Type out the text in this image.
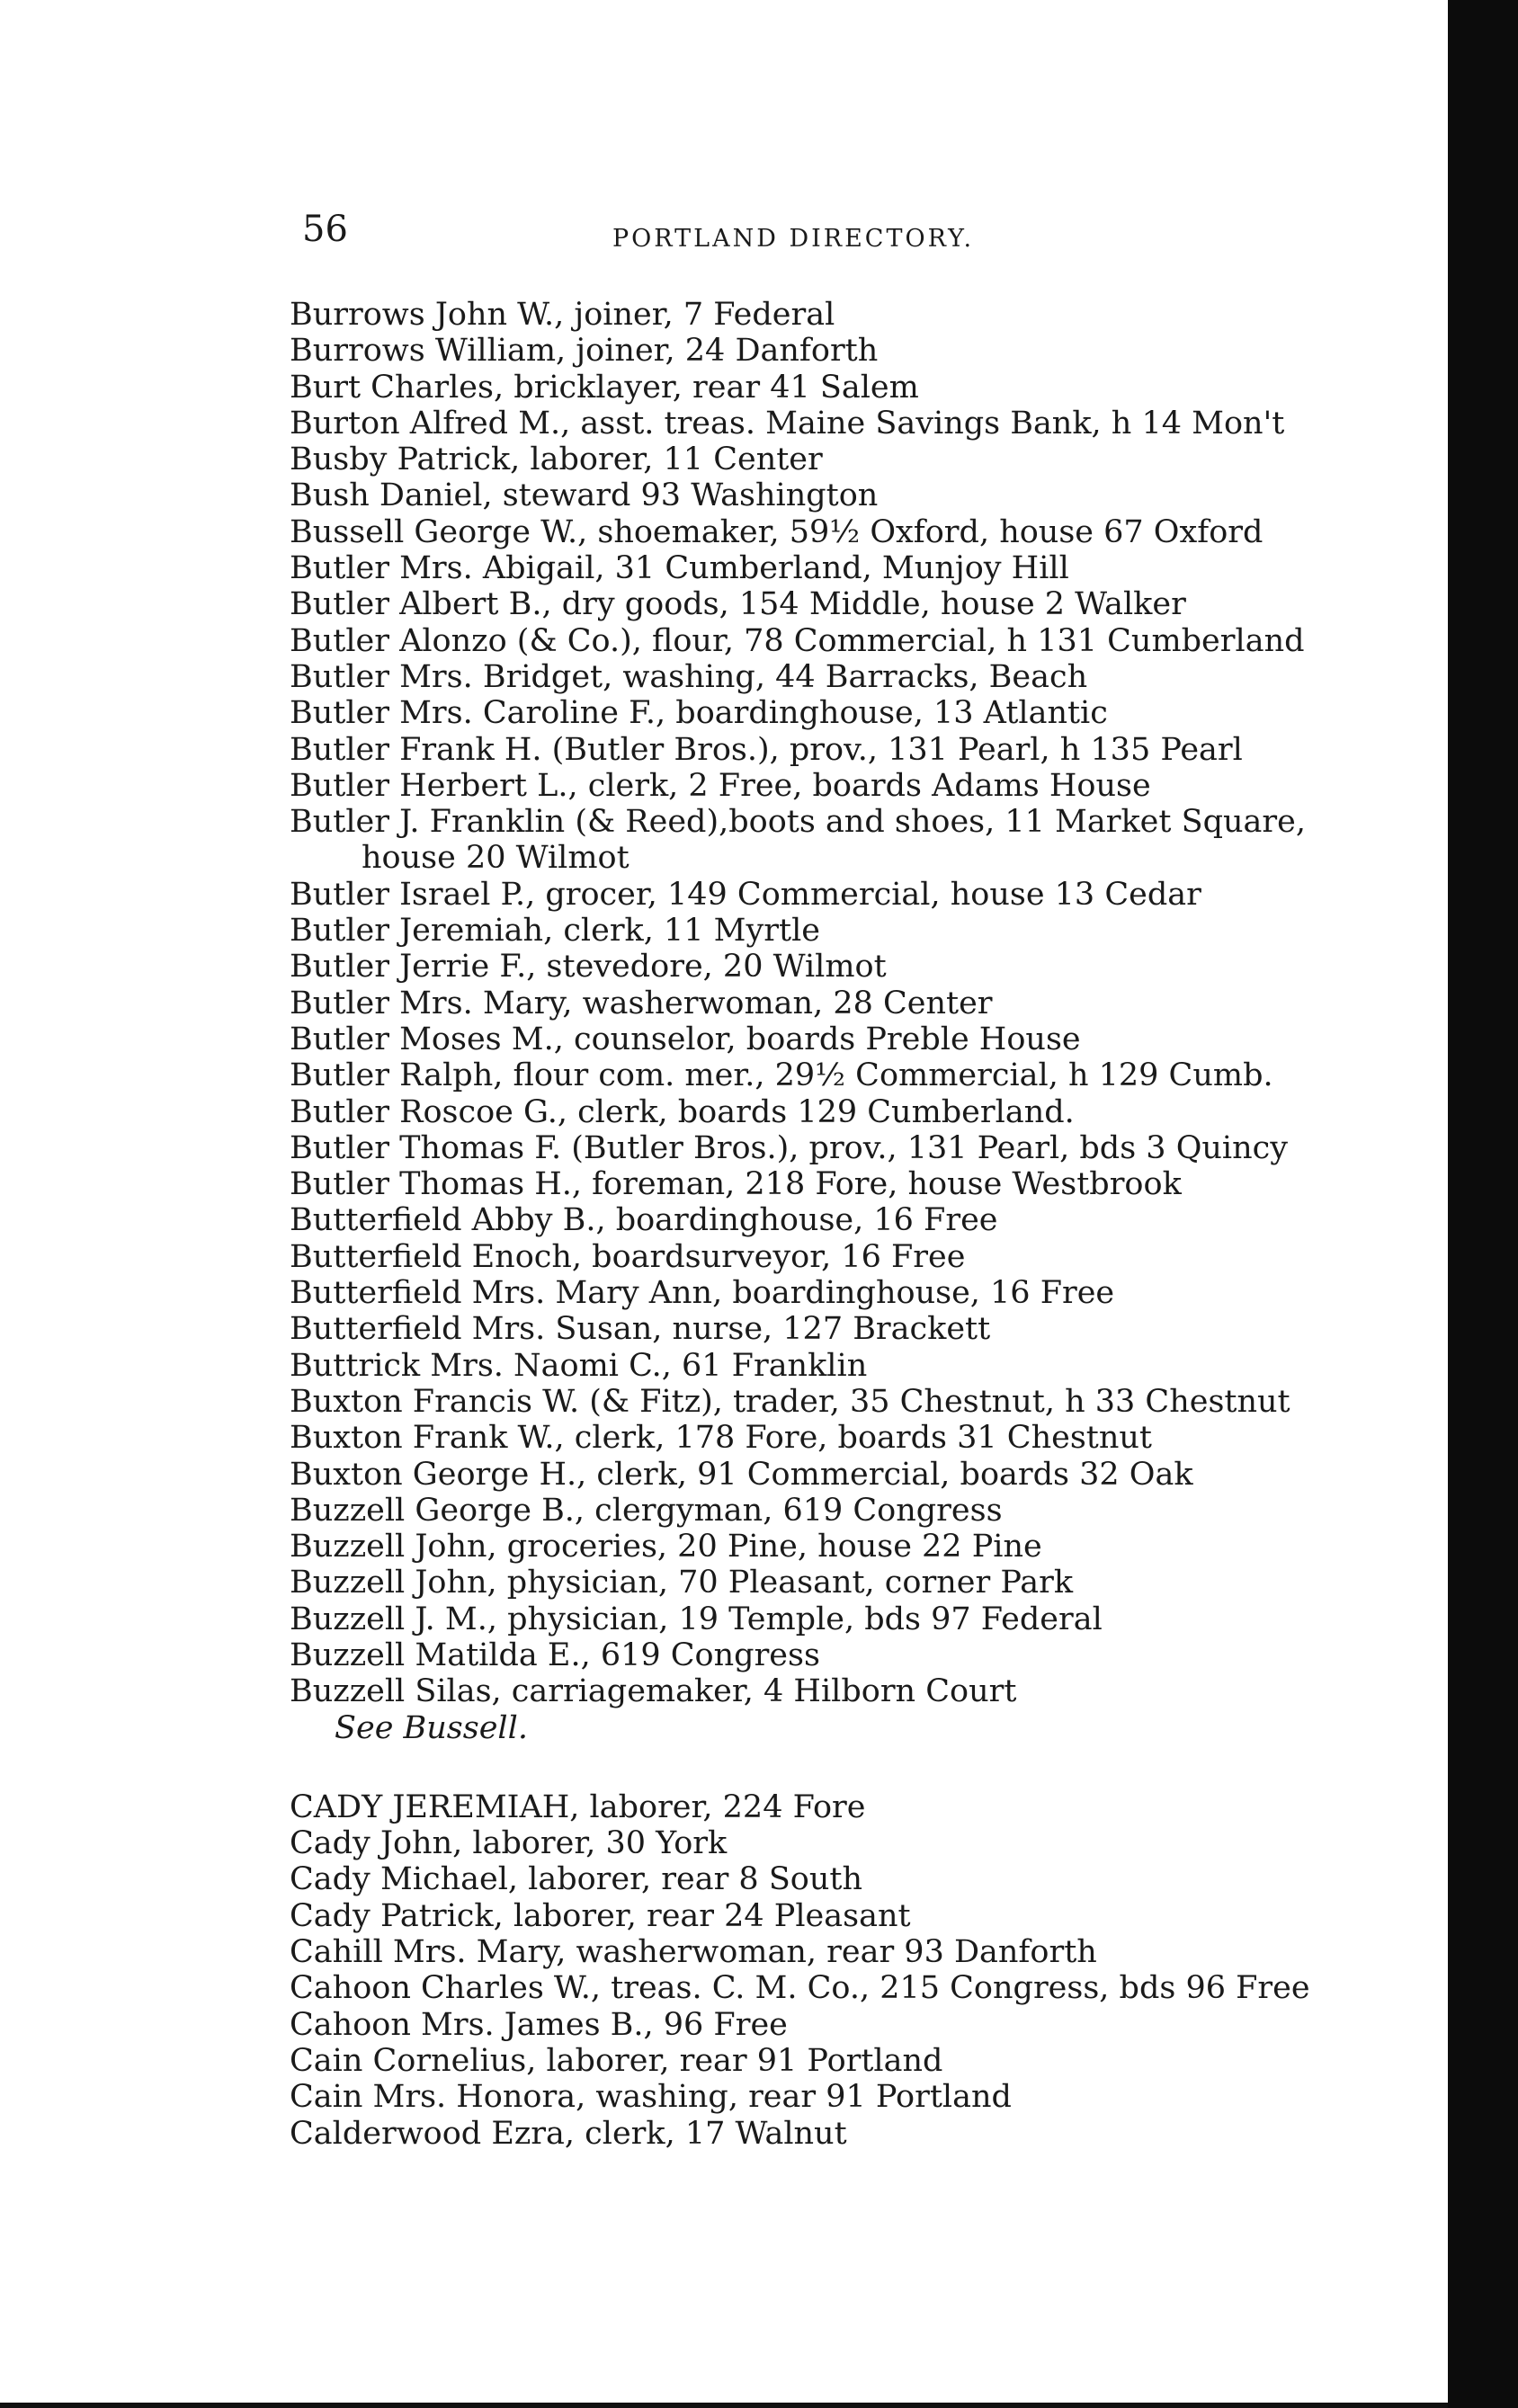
56	PORTLAND DIRECTORY.
Burrows John W., joiner, 7 Federal
Burrows William, joiner, 24 Danforth
Burt Charles, bricklayer, rear 41 Salem
Burton Alfred M., asst. treas. Maine Savings Bank, h 14 Mon't
Busby Patrick, laborer, 11 Center
Bush Daniel, steward 93 Washington
Bussell George W., shoemaker, 59½ Oxford, house 67 Oxford
Butler Mrs. Abigail, 31 Cumberland, Munjoy Hill
Butler Albert B., dry goods, 154 Middle, house 2 Walker
Butler Alonzo (& Co.), flour, 78 Commercial, h 131 Cumberland
Butler Mrs. Bridget, washing, 44 Barracks, Beach
Butler Mrs. Caroline F., boardinghouse, 13 Atlantic
Butler Frank H. (Butler Bros.), prov., 131 Pearl, h 135 Pearl
Butler Herbert L., clerk, 2 Free, boards Adams House
Butler J. Franklin (& Reed),boots and shoes, 11 Market Square,
house 20 Wilmot
Butler Israel P., grocer, 149 Commercial, house 13 Cedar
Butler Jeremiah, clerk, 11 Myrtle
Butler Jerrie F., stevedore, 20 Wilmot
Butler Mrs. Mary, washerwoman, 28 Center
Butler Moses M., counselor, boards Preble House
Butler Ralph, flour com. mer., 29½ Commercial, h 129 Cumb.
Butler Roscoe G., clerk, boards 129 Cumberland.
Butler Thomas F. (Butler Bros.), prov., 131 Pearl, bds 3 Quincy
Butler Thomas H., foreman, 218 Fore, house Westbrook
Butterfield Abby B., boardinghouse, 16 Free
Butterfield Enoch, boardsurveyor, 16 Free
Butterfield Mrs. Mary Ann, boardinghouse, 16 Free
Butterfield Mrs. Susan, nurse, 127 Brackett
Buttrick Mrs. Naomi C., 61 Franklin
Buxton Francis W. (& Fitz), trader, 35 Chestnut, h 33 Chestnut
Buxton Frank W., clerk, 178 Fore, boards 31 Chestnut
Buxton George H., clerk, 91 Commercial, boards 32 Oak
Buzzell George B., clergyman, 619 Congress
Buzzell John, groceries, 20 Pine, house 22 Pine
Buzzell John, physician, 70 Pleasant, corner Park
Buzzell J. M., physician, 19 Temple, bds 97 Federal
Buzzell Matilda E., 619 Congress
Buzzell Silas, carriagemaker, 4 Hilborn Court
See Bussell.
CADY JEREMIAH, laborer, 224 Fore
Cady John, laborer, 30 York
Cady Michael, laborer, rear 8 South
Cady Patrick, laborer, rear 24 Pleasant
Cahill Mrs. Mary, washerwoman, rear 93 Danforth
Cahoon Charles W., treas. C. M. Co., 215 Congress, bds 96 Free
Cahoon Mrs. James B., 96 Free
Cain Cornelius, laborer, rear 91 Portland
Cain Mrs. Honora, washing, rear 91 Portland
Calderwood Ezra, clerk, 17 Walnut
